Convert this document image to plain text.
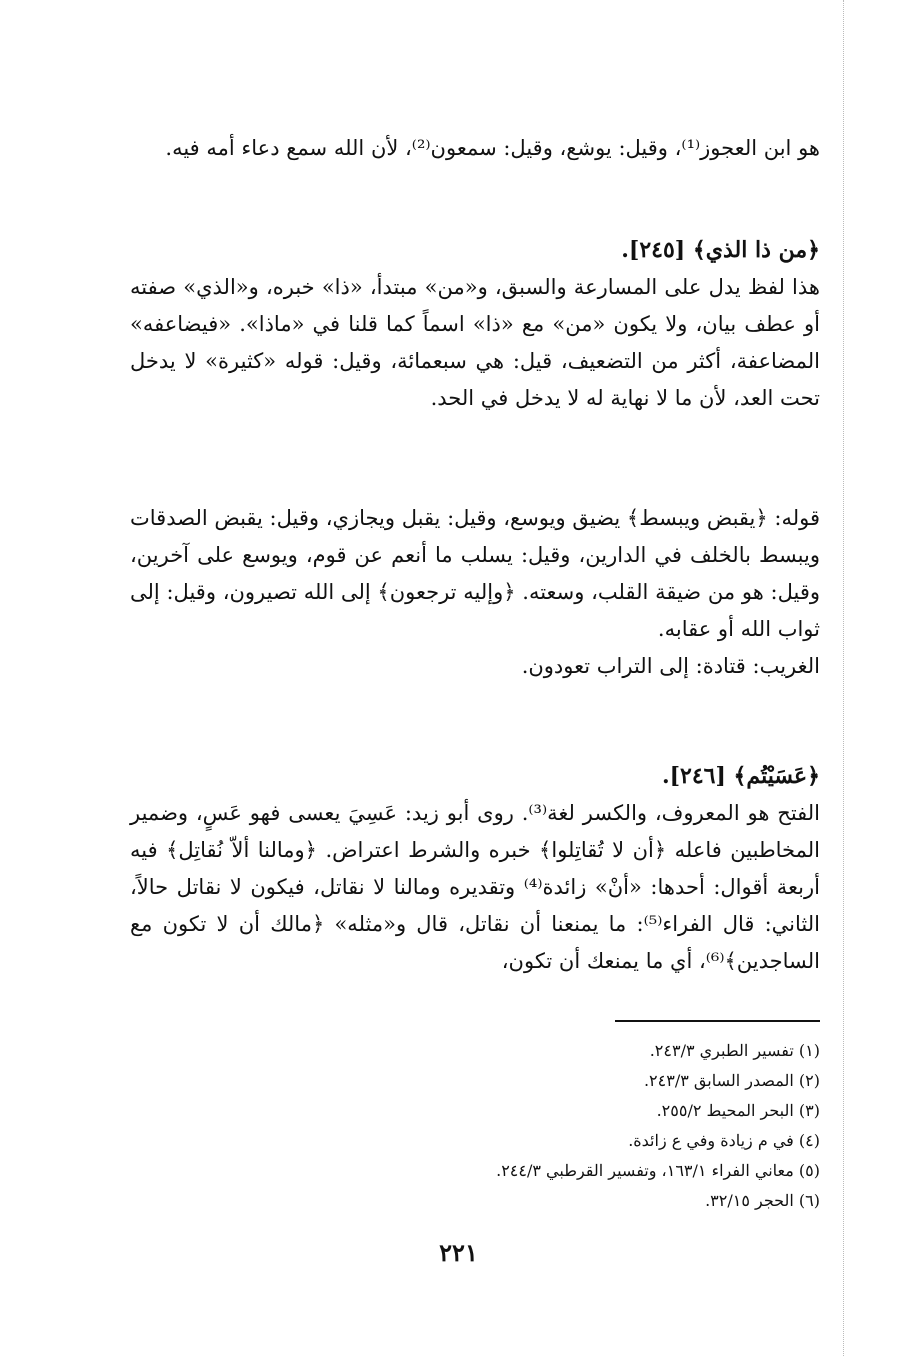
هو ابن العجوز⁽¹⁾، وقيل: يوشع، وقيل: سمعون⁽²⁾، لأن الله سمع دعاء أمه فيه.

﴿من ذا الذي﴾ [٢٤٥].

هذا لفظ يدل على المسارعة والسبق، و«من» مبتدأ، «ذا» خبره، و«الذي» صفته أو عطف بيان، ولا يكون «من» مع «ذا» اسماً كما قلنا في «ماذا». «فيضاعفه» المضاعفة، أكثر من التضعيف، قيل: هي سبعمائة، وقيل: قوله «كثيرة» لا يدخل تحت العد، لأن ما لا نهاية له لا يدخل في الحد.

قوله: ﴿يقبض ويبسط﴾ يضيق ويوسع، وقيل: يقبل ويجازي، وقيل: يقبض الصدقات ويبسط بالخلف في الدارين، وقيل: يسلب ما أنعم عن قوم، ويوسع على آخرين، وقيل: هو من ضيقة القلب، وسعته. ﴿وإليه ترجعون﴾ إلى الله تصيرون، وقيل: إلى ثواب الله أو عقابه.

الغريب: قتادة: إلى التراب تعودون.

﴿عَسَيْتُم﴾ [٢٤٦].

الفتح هو المعروف، والكسر لغة⁽³⁾. روى أبو زيد: عَسِيَ يعسى فهو عَسٍ، وضمير المخاطبين فاعله ﴿أن لا تُقاتِلوا﴾ خبره والشرط اعتراض. ﴿ومالنا ألاّ نُقاتِل﴾ فيه أربعة أقوال: أحدها: «أنْ» زائدة⁽⁴⁾ وتقديره ومالنا لا نقاتل، فيكون لا نقاتل حالاً، الثاني: قال الفراء⁽⁵⁾: ما يمنعنا أن نقاتل، قال و«مثله» ﴿مالك أن لا تكون مع الساجدين﴾⁽⁶⁾، أي ما يمنعك أن تكون،

(١) تفسير الطبري ٢٤٣/٣.
(٢) المصدر السابق ٢٤٣/٣.
(٣) البحر المحيط ٢٥٥/٢.
(٤) في م زيادة وفي ع زائدة.
(٥) معاني الفراء ١٦٣/١، وتفسير القرطبي ٢٤٤/٣.
(٦) الحجر ٣٢/١٥.
٢٢١
